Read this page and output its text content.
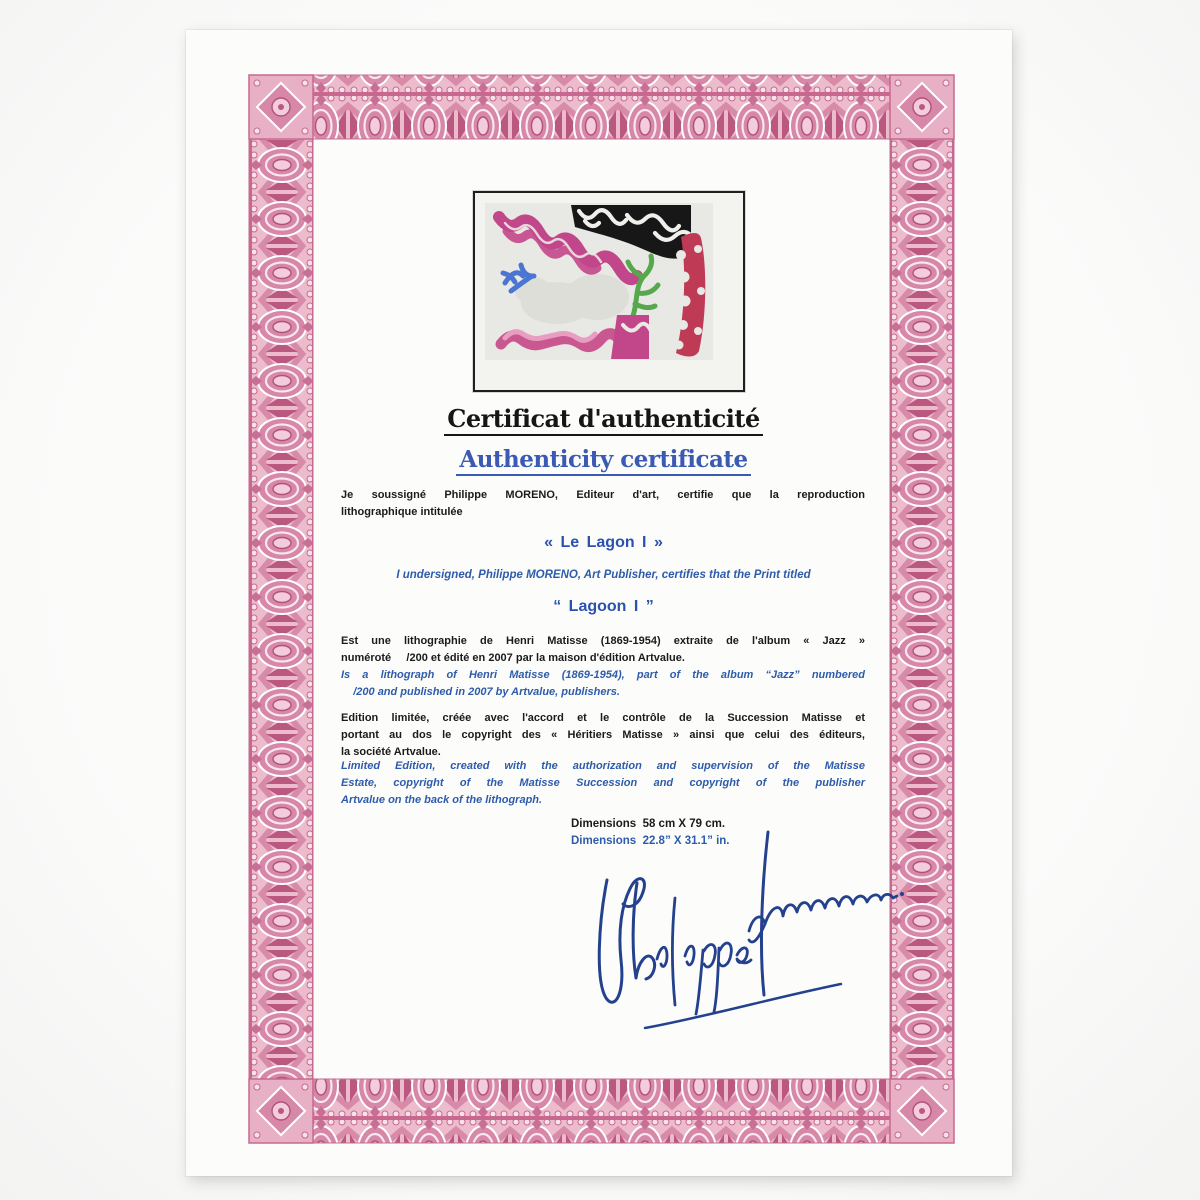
Certificat d'authenticité
Authenticity certificate
Je soussigné Philippe MORENO, Editeur d'art, certifie que la reproduction
lithographique intitulée
« Le Lagon I »
I undersigned, Philippe MORENO, Art Publisher, certifies that the Print titled
“ Lagoon I ”
Est une lithographie de Henri Matisse (1869-1954) extraite de l'album « Jazz »
numéroté     /200 et édité en 2007 par la maison d'édition Artvalue.
Is a lithograph of Henri Matisse (1869-1954), part of the album “Jazz” numbered
/200 and published in 2007 by Artvalue, publishers.
Edition limitée, créée avec l'accord et le contrôle de la Succession Matisse et
portant au dos le copyright des « Héritiers Matisse » ainsi que celui des éditeurs,
la société Artvalue.
Limited Edition, created with the authorization and supervision of the Matisse
Estate, copyright of the Matisse Succession and copyright of the publisher
Artvalue on the back of the lithograph.
Dimensions  58 cm X 79 cm.
Dimensions  22.8” X 31.1” in.
